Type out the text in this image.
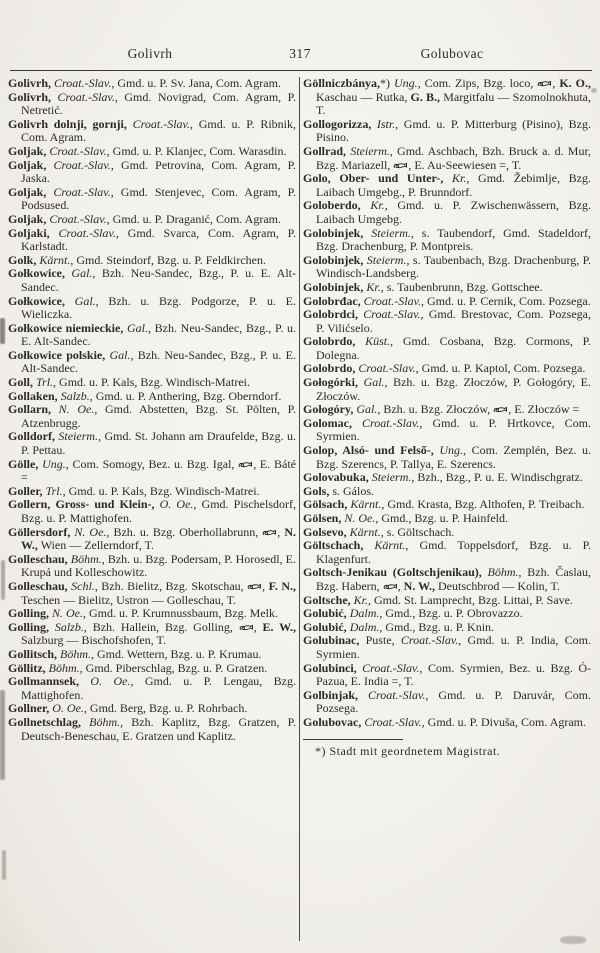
Golivrh	317	Golubovac

Golivrh, Croat.-Slav., Gmd. u. P. Sv. Jana, Com. Agram.

Golivrh, Croat.-Slav., Gmd. Novigrad, Com. Agram, P. Netretić.

Golivrh dolnji, gornji, Croat.-Slav., Gmd. u. P. Ribnik, Com. Agram.

Goljak, Croat.-Slav., Gmd. u. P. Klanjec, Com. Warasdin.

Goljak, Croat.-Slav., Gmd. Petrovina, Com. Agram, P. Jaska.

Goljak, Croat.-Slav., Gmd. Stenjevec, Com. Agram, P. Podsused.

Goljak, Croat.-Slav., Gmd. u. P. Draganić, Com. Agram.

Goljaki, Croat.-Slav., Gmd. Svarca, Com. Agram, P. Karlstadt.

Golk, Kärnt., Gmd. Steindorf, Bzg. u. P. Feldkirchen.

Gołkowice, Gal., Bzh. Neu-Sandec, Bzg., P. u. E. Alt-Sandec.

Gołkowice, Gal., Bzh. u. Bzg. Podgorze, P. u. E. Wieliczka.

Gołkowice niemieckie, Gal., Bzh. Neu-Sandec, Bzg., P. u. E. Alt-Sandec.

Gołkowice polskie, Gal., Bzh. Neu-Sandec, Bzg., P. u. E. Alt-Sandec.

Goll, Trl., Gmd. u. P. Kals, Bzg. Windisch-Matrei.

Gollaken, Salzb., Gmd. u. P. Anthering, Bzg. Oberndorf.

Gollarn, N. Oe., Gmd. Abstetten, Bzg. St. Pölten, P. Atzenbrugg.

Golldorf, Steierm., Gmd. St. Johann am Draufelde, Bzg. u. P. Pettau.

Gölle, Ung., Com. Somogy, Bez. u. Bzg. Igal, , E. Báté =

Goller, Trl., Gmd. u. P. Kals, Bzg. Windisch-Matrei.

Gollern, Gross- und Klein-, O. Oe., Gmd. Pischelsdorf, Bzg. u. P. Mattighofen.

Göllersdorf, N. Oe., Bzh. u. Bzg. Oberhollabrunn, , N. W., Wien — Zellerndorf, T.

Golleschau, Böhm., Bzh. u. Bzg. Podersam, P. Horosedl, E. Krupá und Kolleschowitz.

Golleschau, Schl., Bzh. Bielitz, Bzg. Skotschau, , F. N., Teschen — Bielitz, Ustron — Golleschau, T.

Golling, N. Oe., Gmd. u. P. Krumnussbaum, Bzg. Melk.

Golling, Salzb., Bzh. Hallein, Bzg. Golling, , E. W., Salzburg — Bischofshofen, T.

Gollitsch, Böhm., Gmd. Wettern, Bzg. u. P. Krumau.

Göllitz, Böhm., Gmd. Piberschlag, Bzg. u. P. Gratzen.

Gollmannsek, O. Oe., Gmd. u. P. Lengau, Bzg. Mattighofen.

Gollner, O. Oe., Gmd. Berg, Bzg. u. P. Rohrbach.

Gollnetschlag, Böhm., Bzh. Kaplitz, Bzg. Gratzen, P. Deutsch-Beneschau, E. Gratzen und Kaplitz.

Göllniczbánya,*) Ung., Com. Zips, Bzg. loco, , K. O., Kaschau — Rutka, G. B., Margitfalu — Szomolnokhuta, T.

Gollogorizza, Istr., Gmd. u. P. Mitterburg (Pisino), Bzg. Pisino.

Gollrad, Steierm., Gmd. Aschbach, Bzh. Bruck a. d. Mur, Bzg. Mariazell, , E. Au-Seewiesen =, T.

Golo, Ober- und Unter-, Kr., Gmd. Žebimlje, Bzg. Laibach Umgebg., P. Brunndorf.

Goloberdo, Kr., Gmd. u. P. Zwischenwässern, Bzg. Laibach Umgebg.

Golobinjek, Steierm., s. Taubendorf, Gmd. Stadeldorf, Bzg. Drachenburg, P. Montpreis.

Golobinjek, Steierm., s. Taubenbach, Bzg. Drachenburg, P. Windisch-Landsberg.

Golobinjek, Kr., s. Taubenbrunn, Bzg. Gottschee.

Golobrđac, Croat.-Slav., Gmd. u. P. Cernik, Com. Pozsega.

Golobrdci, Croat.-Slav., Gmd. Brestovac, Com. Pozsega, P. Vilićselo.

Golobrdo, Küst., Gmd. Cosbana, Bzg. Cormons, P. Dolegna.

Golobrdo, Croat.-Slav., Gmd. u. P. Kaptol, Com. Pozsega.

Gołogórki, Gal., Bzh. u. Bzg. Złoczów, P. Gołogóry, E. Złoczów.

Gołogóry, Gal., Bzh. u. Bzg. Złoczów, , E. Złoczów =

Golomac, Croat.-Slav., Gmd. u. P. Hrtkovce, Com. Syrmien.

Golop, Alsó- und Felső-, Ung., Com. Zemplén, Bez. u. Bzg. Szerencs, P. Tallya, E. Szerencs.

Golovabuka, Steierm., Bzh., Bzg., P. u. E. Windischgratz.

Gols, s. Gálos.

Gölsach, Kärnt., Gmd. Krasta, Bzg. Althofen, P. Treibach.

Gölsen, N. Oe., Gmd., Bzg. u. P. Hainfeld.

Golsevo, Kärnt., s. Göltschach.

Göltschach, Kärnt., Gmd. Toppelsdorf, Bzg. u. P. Klagenfurt.

Goltsch-Jenikau (Goltschjenikau), Böhm., Bzh. Časlau, Bzg. Habern, , N. W., Deutschbrod — Kolin, T.

Goltsche, Kr., Gmd. St. Lamprecht, Bzg. Littai, P. Save.

Golubić, Dalm., Gmd., Bzg. u. P. Obrovazzo.

Golubić, Dalm., Gmd., Bzg. u. P. Knin.

Golubinac, Puste, Croat.-Slav., Gmd. u. P. India, Com. Syrmien.

Golubinci, Croat.-Slav., Com. Syrmien, Bez. u. Bzg. Ó-Pazua, E. India =, T.

Golbinjak, Croat.-Slav., Gmd. u. P. Daruvár, Com. Pozsega.

Golubovac, Croat.-Slav., Gmd. u. P. Divuša, Com. Agram.

*) Stadt mit geordnetem Magistrat.
